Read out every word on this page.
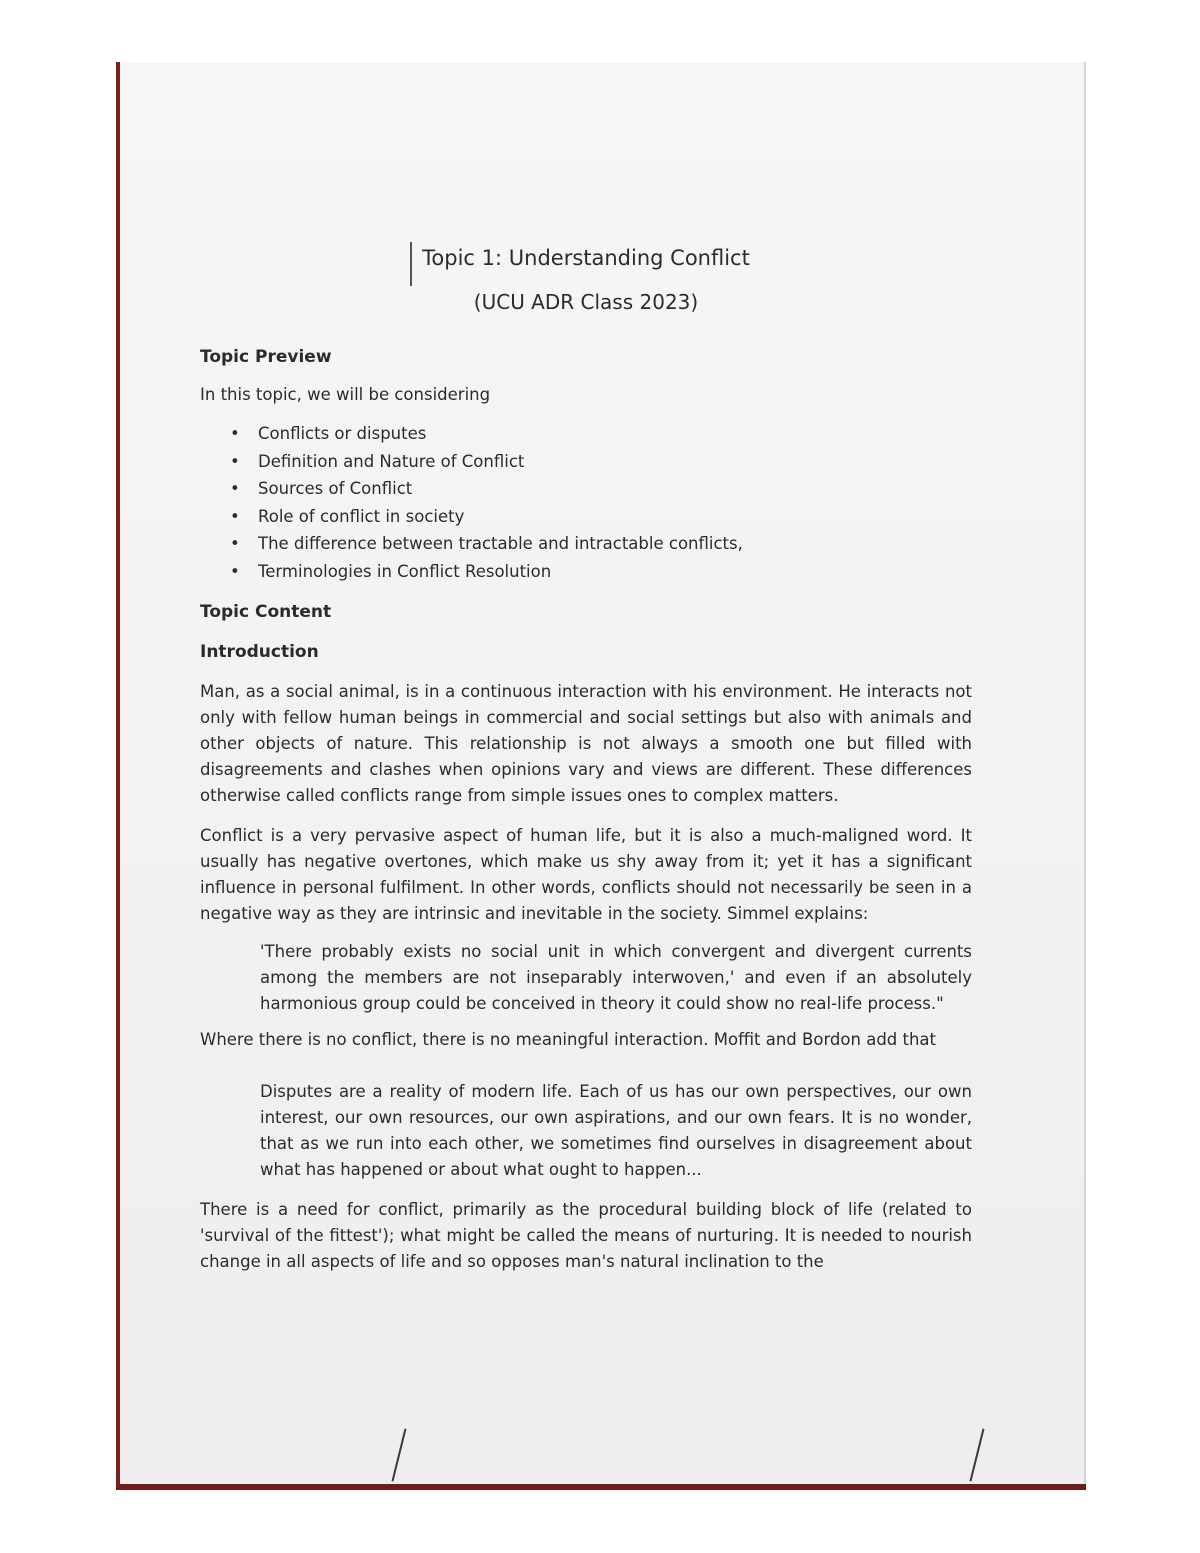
Topic 1: Understanding Conflict
(UCU ADR Class 2023)
Topic Preview

In this topic, we will be considering

• Conflicts or disputes
• Definition and Nature of Conflict
• Sources of Conflict
• Role of conflict in society
• The difference between tractable and intractable conflicts,
• Terminologies in Conflict Resolution
Topic Content
Introduction

Man, as a social animal, is in a continuous interaction with his environment. He interacts not only with fellow human beings in commercial and social settings but also with animals and other objects of nature. This relationship is not always a smooth one but filled with disagreements and clashes when opinions vary and views are different. These differences otherwise called conflicts range from simple issues ones to complex matters.

Conflict is a very pervasive aspect of human life, but it is also a much-maligned word. It usually has negative overtones, which make us shy away from it; yet it has a significant influence in personal fulfilment. In other words, conflicts should not necessarily be seen in a negative way as they are intrinsic and inevitable in the society. Simmel explains:

'There probably exists no social unit in which convergent and divergent currents among the members are not inseparably interwoven,' and even if an absolutely harmonious group could be conceived in theory it could show no real-life process."

Where there is no conflict, there is no meaningful interaction. Moffit and Bordon add that

Disputes are a reality of modern life. Each of us has our own perspectives, our own interest, our own resources, our own aspirations, and our own fears. It is no wonder, that as we run into each other, we sometimes find ourselves in disagreement about what has happened or about what ought to happen...

There is a need for conflict, primarily as the procedural building block of life (related to 'survival of the fittest'); what might be called the means of nurturing. It is needed to nourish change in all aspects of life and so opposes man's natural inclination to the
